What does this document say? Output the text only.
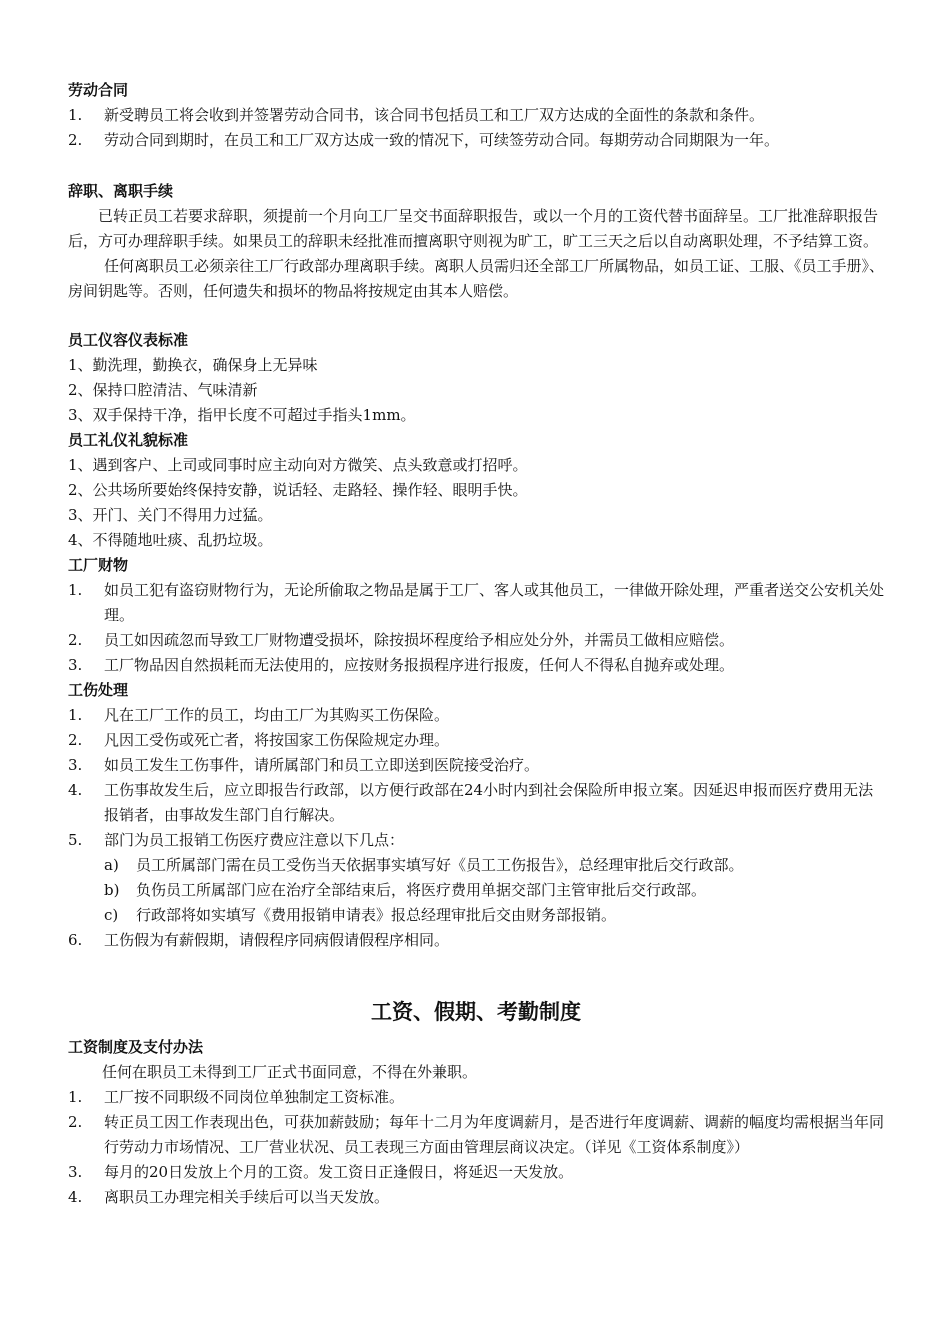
劳动合同
1. 新受聘员工将会收到并签署劳动合同书，该合同书包括员工和工厂双方达成的全面性的条款和条件。
2. 劳动合同到期时，在员工和工厂双方达成一致的情况下，可续签劳动合同。每期劳动合同期限为一年。
辞职、离职手续

已转正员工若要求辞职，须提前一个月向工厂呈交书面辞职报告，或以一个月的工资代替书面辞呈。工厂批准辞职报告后，方可办理辞职手续。如果员工的辞职未经批准而擅离职守则视为旷工，旷工三天之后以自动离职处理，不予结算工资。

任何离职员工必须亲往工厂行政部办理离职手续。离职人员需归还全部工厂所属物品，如员工证、工服、《员工手册》、房间钥匙等。否则，任何遗失和损坏的物品将按规定由其本人赔偿。

员工仪容仪表标准
1、勤洗理，勤换衣，确保身上无异味
2、保持口腔清洁、气味清新
3、双手保持干净，指甲长度不可超过手指头1mm。
员工礼仪礼貌标准
1、遇到客户、上司或同事时应主动向对方微笑、点头致意或打招呼。
2、公共场所要始终保持安静，说话轻、走路轻、操作轻、眼明手快。
3、开门、关门不得用力过猛。
4、不得随地吐痰、乱扔垃圾。
工厂财物
1. 如员工犯有盗窃财物行为，无论所偷取之物品是属于工厂、客人或其他员工，一律做开除处理，严重者送交公安机关处理。
2. 员工如因疏忽而导致工厂财物遭受损坏，除按损坏程度给予相应处分外，并需员工做相应赔偿。
3. 工厂物品因自然损耗而无法使用的，应按财务报损程序进行报废，任何人不得私自抛弃或处理。
工伤处理
1. 凡在工厂工作的员工，均由工厂为其购买工伤保险。
2. 凡因工受伤或死亡者，将按国家工伤保险规定办理。
3. 如员工发生工伤事件，请所属部门和员工立即送到医院接受治疗。
4. 工伤事故发生后，应立即报告行政部，以方便行政部在24小时内到社会保险所申报立案。因延迟申报而医疗费用无法报销者，由事故发生部门自行解决。
5. 部门为员工报销工伤医疗费应注意以下几点：
a) 员工所属部门需在员工受伤当天依据事实填写好《员工工伤报告》，总经理审批后交行政部。
b) 负伤员工所属部门应在治疗全部结束后，将医疗费用单据交部门主管审批后交行政部。
c) 行政部将如实填写《费用报销申请表》报总经理审批后交由财务部报销。
6. 工伤假为有薪假期，请假程序同病假请假程序相同。
工资、假期、考勤制度
工资制度及支付办法

任何在职员工未得到工厂正式书面同意，不得在外兼职。

1. 工厂按不同职级不同岗位单独制定工资标准。
2. 转正员工因工作表现出色，可获加薪鼓励；每年十二月为年度调薪月，是否进行年度调薪、调薪的幅度均需根据当年同行劳动力市场情况、工厂营业状况、员工表现三方面由管理层商议决定。（详见《工资体系制度》）
3. 每月的20日发放上个月的工资。发工资日正逢假日，将延迟一天发放。
4. 离职员工办理完相关手续后可以当天发放。
